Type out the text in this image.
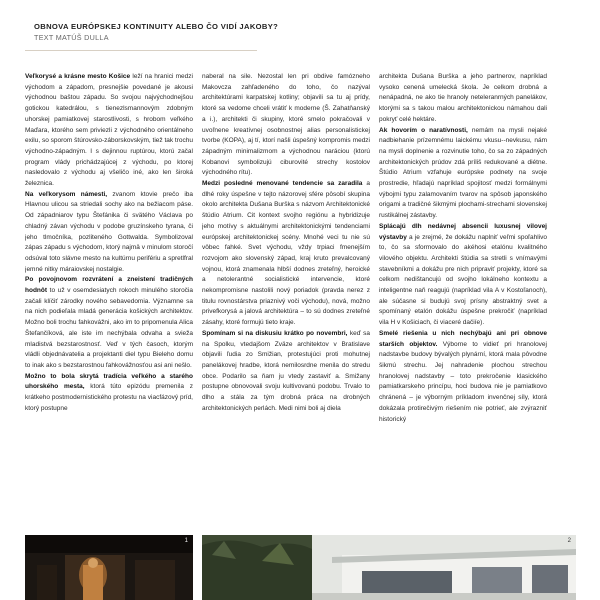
OBNOVA EURÓPSKEJ KONTINUITY ALEBO ČO VIDÍ JAKOBY?
TEXT MATÚŠ DULLA

Veľkorysé a krásne mesto Košice leží na hranici medzi východom a západom, presnejšie povedané je akousi východnou baštou západu. So svojou najvýchodnejšou gotickou katedrálou, s tienezlsmannovým zdobným uhorskej pamiatkovej starostlivosti, s hrobom veľkého Maďara, ktorého sem priviezli z východného orientálneho exilu, so sporom štúrovsko-záborskovským, tiež tak trochu východno-západným. I s dejinnou ruptúrou, ktorú začal program vlády prichádzajúcej z východu, po ktorej nasledovalo z východu aj všeličo iné, ako len široká železnica.

Na veľkorysom námesti, zvanom ktovie prečo iba Hlavnou ulicou sa striedali sochy ako na bežiacom páse. Od západniarov typu Štefánika či svätého Václava po chladný závan východu v podobe gruzínskeho tyrana, či jeho tlmočníka, pozliteného Gottwalda. Symbolizoval zápas západu s východom, ktorý najmä v minulom storočí odsúval toto slávne mesto na kultúrnu perifériu a spretlfral jemné nitky máraiovskej nostalgie.

Po povojnovom rozvrátení a zneistení tradičných hodnôt to už v osemdesiatych rokoch minulého storočia začali klíčiť zárodky nového sebavedomia. Významne sa na nich podieľala mladá generácia košických architektov. Možno boli trochu fahkovážni, ako im to pripomenula Alica Štefančíková, ale iste im nechýbala odvaha a svieža mladistvá bezstarostnosť. Veď v tých časoch, ktorým vládli objednávatelia a projektanti diel typu Bieleho domu to inak ako s bezstarostnou fahkovážnosťou asi ani nešlo.

Možno to bola skrytá tradícia veľkého a starého uhorského mesta, ktorá túto epizódu premenila z krátkeho postmodernistického protestu na viacfázový príd, ktorý postupne

naberal na sile. Nezostal len pri obdive famózneho Makovcza zahľadeného do toho, čo nazýval architektúrami karpatskej kotliny; objavili sa tu aj prídy, ktoré sa vedome chceli vrátiť k moderne (Š. Zahatňanský a i.), architekti či skupiny, ktoré smelo pokračovali v uvoľnene kreatívnej osobnostnej alias personalistickej tvorbe (KOPA), aj tí, ktorí našli úspešný kompromis medzi západným minimalizmom a východnou naráciou (ktorú Kobanovi symbolizujú ciburovité strechy kostolov východného rítu).

Medzi posledné menované tendencie sa zaradila a dlhé roky úspešne v tejto názorovej sfére pôsobí skupina okolo architekta Dušana Burška s názvom Architektonické štúdio Atrium. Cit kontext svojho regiónu a hybridizuje jeho motívy s aktuálnymi architektonickými tendenciami európskej architektonickej scény. Mnohé veci tu nie sú vôbec fahké. Svet východu, vždy trpiaci fmenejším rozvojom ako slovenský západ, kraj kruto prevalcovaný vojnou, ktorá znamenala hlbší dodnes zreteľný, heroické a netolerantné socialistické intervencie, ktoré nekompromisne nastolili nový poriadok (pravda nerez z titulu rovnostárstva priaznivý voči východu), nová, možno privefkorysá a jalová architektúra – to sú dodnes zreteľné zásahy, ktoré formujú tieto kraje.

Spomínam si na diskusiu krátko po novembri, keď sa na Spolku, vtedajšom Zväze architektov v Bratislave objavili ľudia zo Smižian, protestujúci proti mohutnej panelákovej hradbe, ktorá nemilosrdne menila do stredu obce. Podarilo sa ňam ju vtedy zastaviť a. Smižany postupne obnovovali svoju kultivovanú podobu. Trvalo to dlho a stála za tým drobná práca na drobných architektonických perlách. Medi nimi boli aj diela

architekta Dušana Burška a jeho partnerov, napríklad vysoko cenená umelecká škola. Je celkom drobná a nenápadná, ne ako tie hranoly neteleranrných panelákov, ktorými sa s takou malou architektonickou námahou dali pokryť celé hektáre.

Ak hovorím o naratívnosti, nemám na mysli nejaké nadbiehanie prízemnému laickému vkusu--nevkusu, nám na mysli doplnenie a rozvinutie toho, čo sa zo západných architektonických prúdov zdá príliš redukované a diétne. Štúdio Atrium vzfahuje európske podnety na svoje prostredie, hľadajú napríklad spojitosť medzi formálnymi výbojmi typu zalamovaním tvarov na spôsob japonského origami a tradičné šikmými plochami-strechami slovenskej rustikálnej zástavby.

Splácajú dlh nedávnej absencii luxusnej vilovej výstavby a je zrejmé, že dokážu naplniť veľmi spoľahlivo to, čo sa sformovalo do akéhosi etalónu kvalitného vilového objektu. Architekti štúdia sa stretli s vnímavými stavebníkmi a dokážu pre nich pripraviť projekty, ktoré sa celkom nedištancujú od svojho lokálneho kontextu a inteligentne naň reagujú (napríklad vila A v Kostoľanoch), ale súčasne si budujú svoj prísny abstraktný svet a spomínaný etalón dokážu úspešne prekročiť (napríklad vila H v Košiciach, či viaceré dačiíe).

Smelé riešenia u nich nechýbajú ani pri obnove starších objektov. Výborne to vidieť pri hranolovej nadstavbe budovy bývalých plynární, ktorá mala pôvodne šikmú strechu. Jej nahradenie plochou strechou hranolovej nadstavby – toto prekročenie klasického pamiatkarskeho princípu, hoci budova nie je pamiatkovo chránená – je výborným príkladom invenčnej síly, ktorá dokázala protirečivým riešením nie potrieť, ale zvýrazniť historický

1	2
